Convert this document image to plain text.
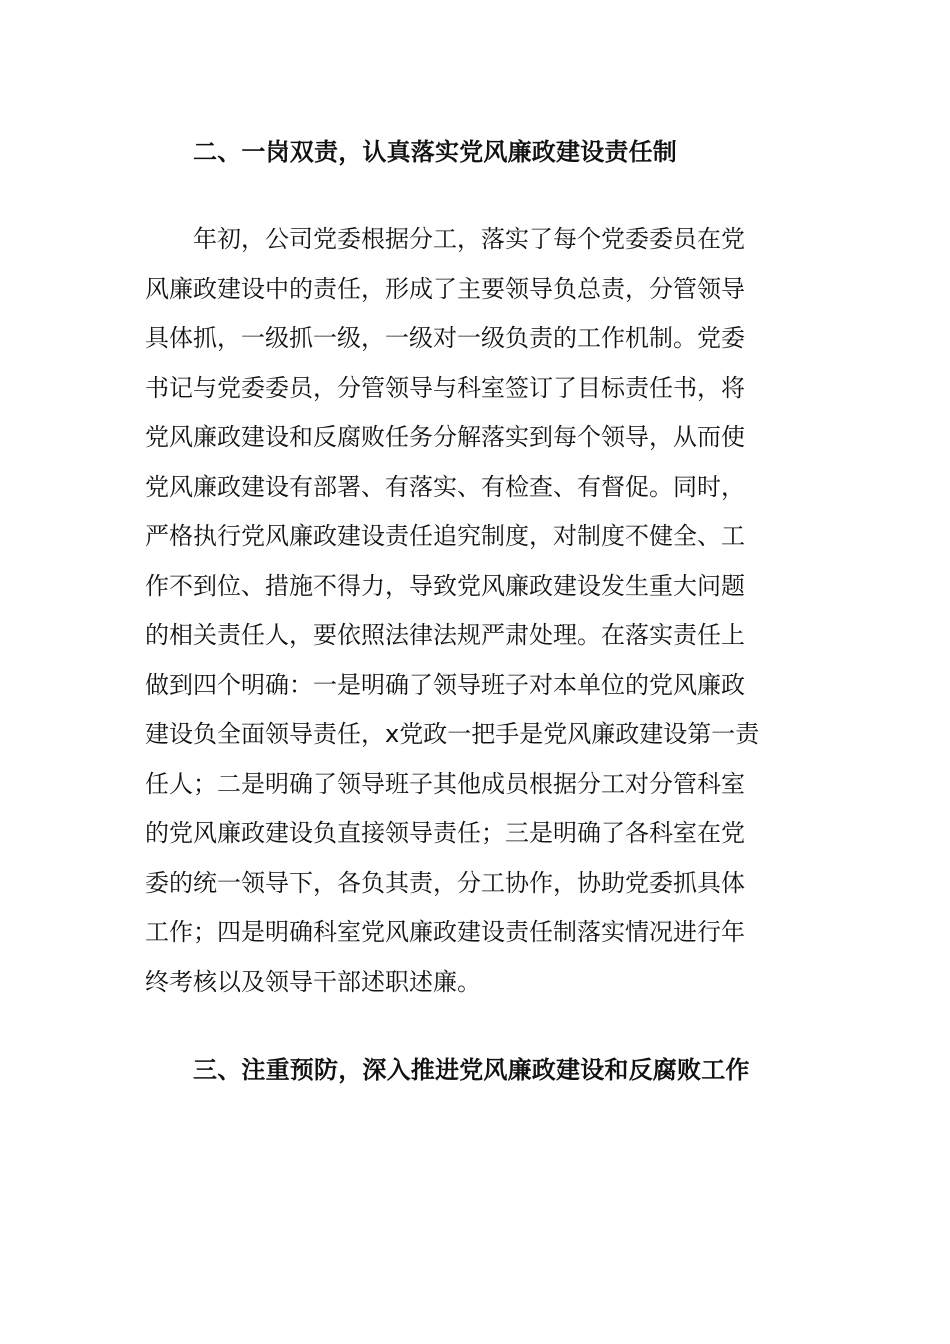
二、一岗双责，认真落实党风廉政建设责任制
年初，公司党委根据分工，落实了每个党委委员在党
风廉政建设中的责任，形成了主要领导负总责，分管领导
具体抓，一级抓一级，一级对一级负责的工作机制。党委
书记与党委委员，分管领导与科室签订了目标责任书，将
党风廉政建设和反腐败任务分解落实到每个领导，从而使
党风廉政建设有部署、有落实、有检查、有督促。同时，
严格执行党风廉政建设责任追究制度，对制度不健全、工
作不到位、措施不得力，导致党风廉政建设发生重大问题
的相关责任人，要依照法律法规严肃处理。在落实责任上
做到四个明确：一是明确了领导班子对本单位的党风廉政
建设负全面领导责任，x党政一把手是党风廉政建设第一责
任人；二是明确了领导班子其他成员根据分工对分管科室
的党风廉政建设负直接领导责任；三是明确了各科室在党
委的统一领导下，各负其责，分工协作，协助党委抓具体
工作；四是明确科室党风廉政建设责任制落实情况进行年
终考核以及领导干部述职述廉。
三、注重预防，深入推进党风廉政建设和反腐败工作
